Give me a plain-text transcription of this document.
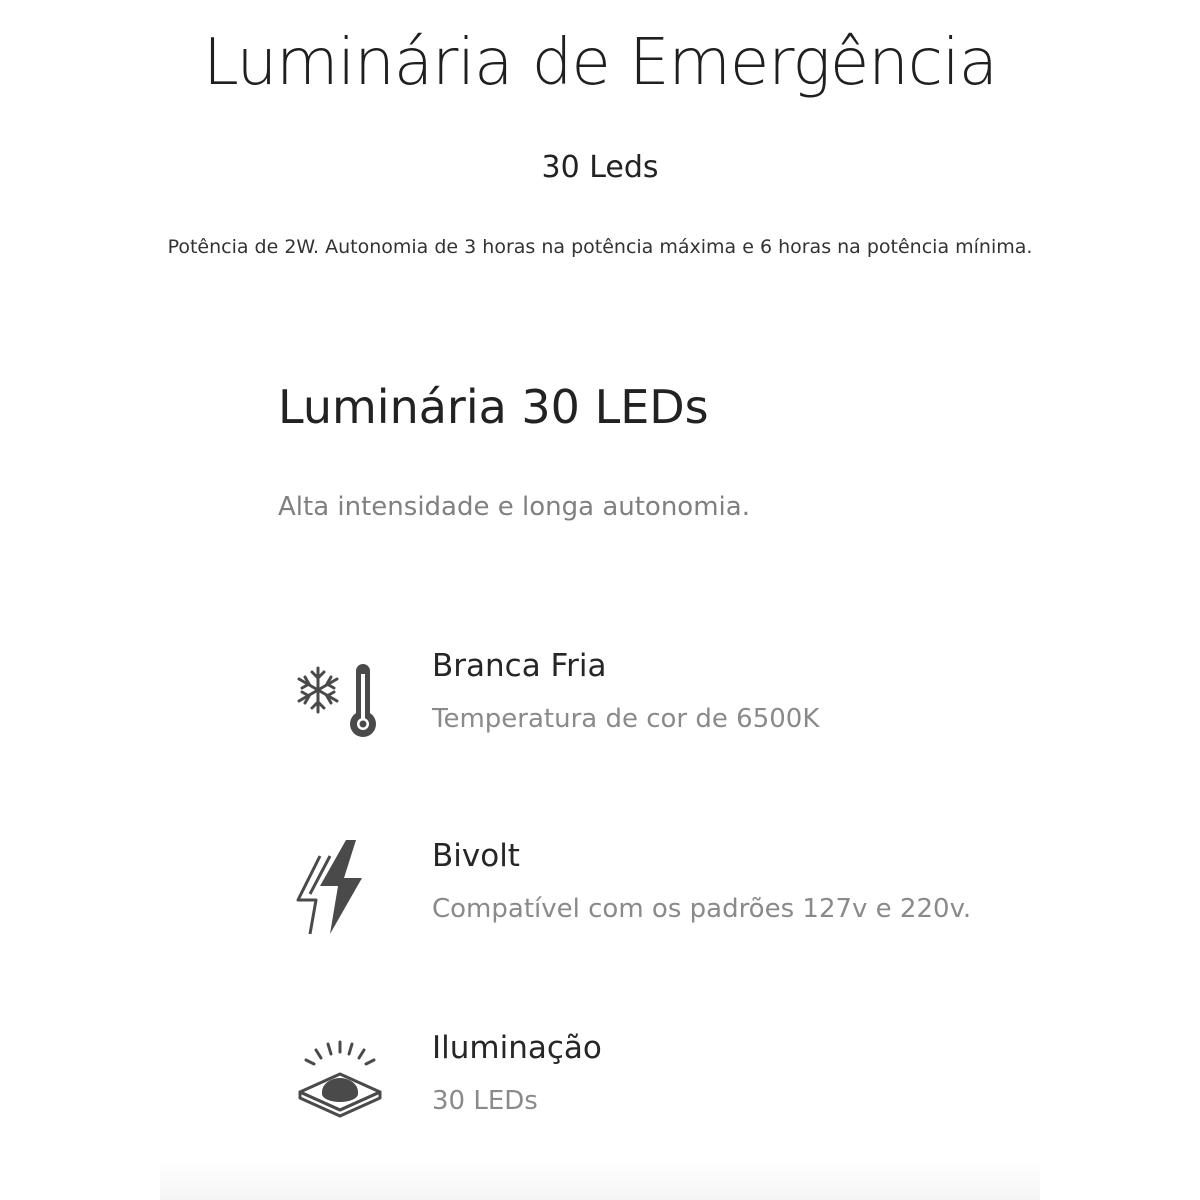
Luminária de Emergência
30 Leds
Potência de 2W. Autonomia de 3 horas na potência máxima e 6 horas na potência mínima.
Luminária 30 LEDs
Alta intensidade e longa autonomia.
Branca Fria
Temperatura de cor de 6500K
Bivolt
Compatível com os padrões 127v e 220v.
Iluminação
30 LEDs
